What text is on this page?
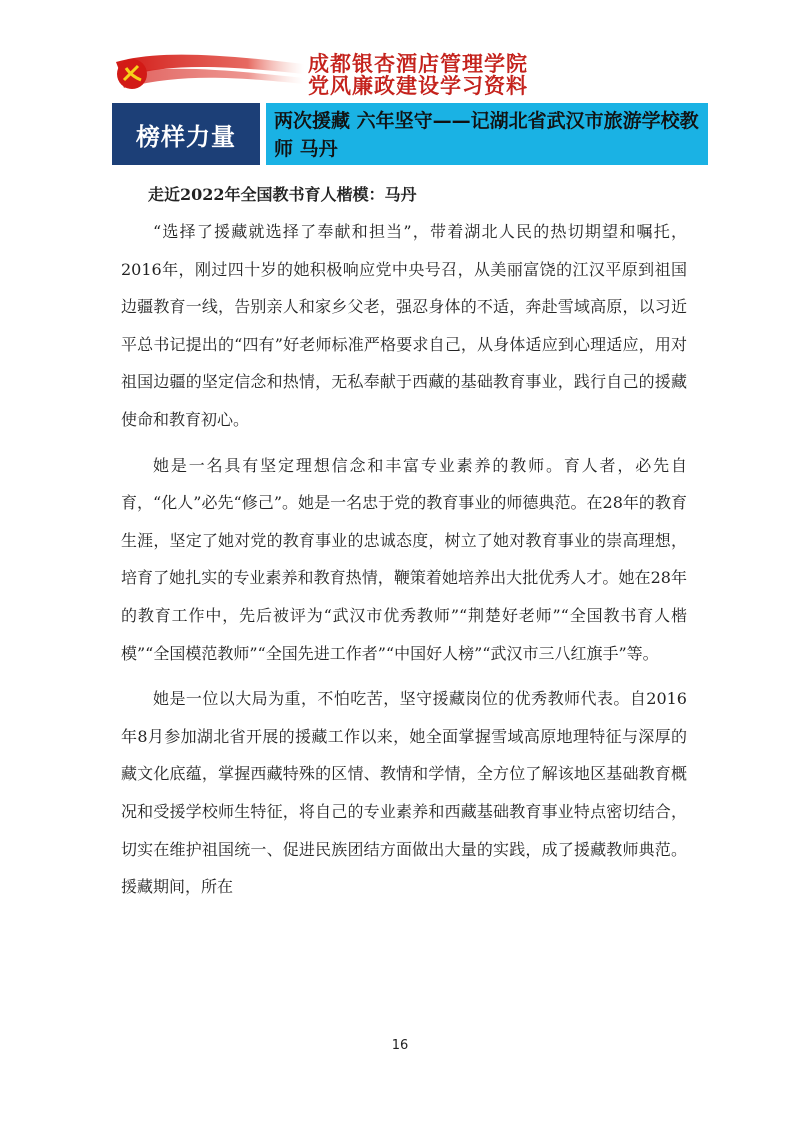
成都银杏酒店管理学院
党风廉政建设学习资料
榜样力量
两次援藏 六年坚守——记湖北省武汉市旅游学校教师 马丹
走近2022年全国教书育人楷模：马丹

“选择了援藏就选择了奉献和担当”，带着湖北人民的热切期望和嘱托，2016年，刚过四十岁的她积极响应党中央号召，从美丽富饶的江汉平原到祖国边疆教育一线，告别亲人和家乡父老，强忍身体的不适，奔赴雪域高原，以习近平总书记提出的“四有”好老师标准严格要求自己，从身体适应到心理适应，用对祖国边疆的坚定信念和热情，无私奉献于西藏的基础教育事业，践行自己的援藏使命和教育初心。

她是一名具有坚定理想信念和丰富专业素养的教师。育人者，必先自育，“化人”必先“修己”。她是一名忠于党的教育事业的师德典范。在28年的教育生涯，坚定了她对党的教育事业的忠诚态度，树立了她对教育事业的崇高理想，培育了她扎实的专业素养和教育热情，鞭策着她培养出大批优秀人才。她在28年的教育工作中，先后被评为“武汉市优秀教师”“荆楚好老师”“全国教书育人楷模”“全国模范教师”“全国先进工作者”“中国好人榜”“武汉市三八红旗手”等。

她是一位以大局为重，不怕吃苦，坚守援藏岗位的优秀教师代表。自2016年8月参加湖北省开展的援藏工作以来，她全面掌握雪域高原地理特征与深厚的藏文化底蕴，掌握西藏特殊的区情、教情和学情，全方位了解该地区基础教育概况和受援学校师生特征，将自己的专业素养和西藏基础教育事业特点密切结合，切实在维护祖国统一、促进民族团结方面做出大量的实践，成了援藏教师典范。援藏期间，所在

16
